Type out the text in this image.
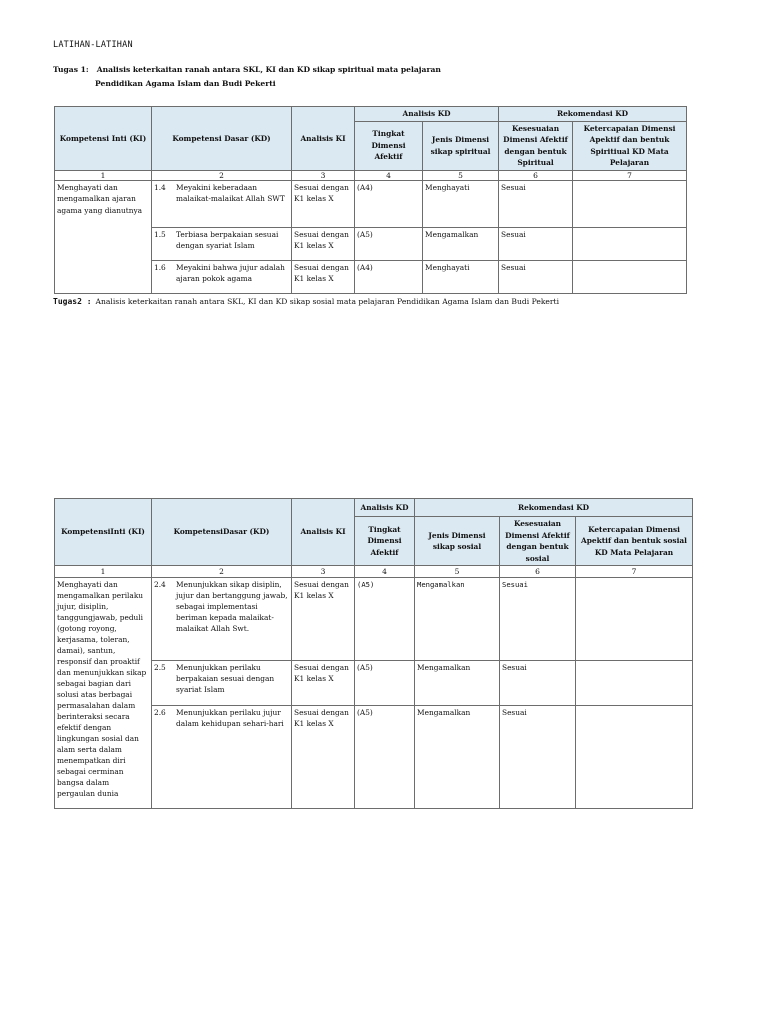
LATIHAN-LATIHAN
Tugas 1: Analisis keterkaitan ranah antara SKL, KI dan KD sikap spiritual mata pelajaran
Pendidikan Agama Islam dan Budi Pekerti
Kompetensi Inti (KI)	Kompetensi Dasar (KD)	Analisis KI	Analisis KD		Rekomendasi KD	
			Tingkat Dimensi Afektif	Jenis Dimensi sikap spiritual	Kesesuaian Dimensi Afektif dengan bentuk Spiritual	Ketercapaian Dimensi Apektif dan bentuk Spiritiual KD Mata Pelajaran
1	2	3	4	5	6	7
Menghayati dan mengamalkan ajaran agama yang dianutnya	1.4 Meyakini keberadaan malaikat-malaikat Allah SWT	Sesuai dengan K1 kelas X	(A4)	Menghayati	Sesuai	

	1.5 Terbiasa berpakaian sesuai dengan syariat Islam	Sesuai dengan K1 kelas X	(A5)	Mengamalkan	Sesuai	

	1.6 Meyakini bahwa jujur adalah ajaran pokok agama	Sesuai dengan K1 kelas X	(A4)	Menghayati	Sesuai	
Tugas2 : Analisis keterkaitan ranah antara SKL, KI dan KD sikap sosial mata pelajaran Pendidikan Agama Islam dan Budi Pekerti
KompetensiInti (KI)	KompetensiDasar (KD)	Analisis KI	Analisis KD	Rekomendasi KD		
			Tingkat Dimensi Afektif	Jenis Dimensi sikap sosial	Kesesuaian Dimensi Afektif dengan bentuk sosial	Ketercapaian Dimensi Apektif dan bentuk sosial KD Mata Pelajaran
1	2	3	4	5	6	7
Menghayati dan mengamalkan perilaku jujur, disiplin, tanggungjawab, peduli (gotong royong, kerjasama, toleran, damai), santun, responsif dan proaktif dan menunjukkan sikap sebagai bagian dari solusi atas berbagai permasalahan dalam berinteraksi secara efektif dengan lingkungan sosial dan alam serta dalam menempatkan diri sebagai cerminan bangsa dalam pergaulan dunia	2.4 Menunjukkan sikap disiplin, jujur dan bertanggung jawab, sebagai implementasi beriman kepada malaikat-malaikat Allah Swt.	Sesuai dengan K1 kelas X	(A5)	Mengamalkan	Sesuai	

	2.5 Menunjukkan perilaku berpakaian sesuai dengan syariat Islam	Sesuai dengan K1 kelas X	(A5)	Mengamalkan	Sesuai	

	2.6 Menunjukkan perilaku jujur dalam kehidupan sehari-hari	Sesuai dengan K1 kelas X	(A5)	Mengamalkan	Sesuai	
